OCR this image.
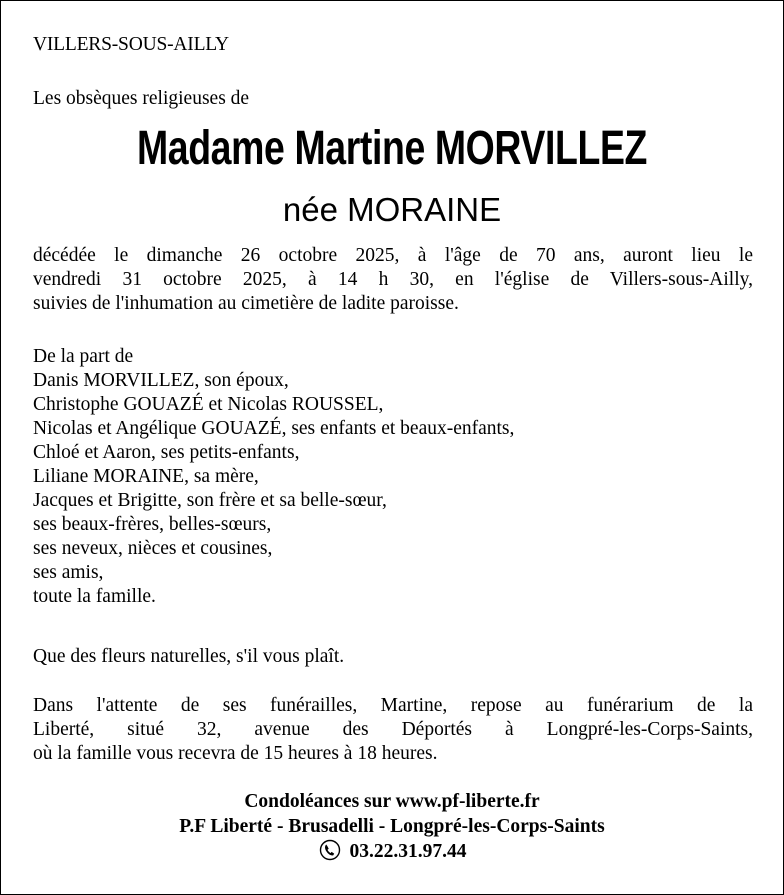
VILLERS-SOUS-AILLY
Les obsèques religieuses de
Madame Martine MORVILLEZ
née MORAINE
décédée le dimanche 26 octobre 2025, à l'âge de 70 ans, auront lieu le
vendredi 31 octobre 2025, à 14 h 30, en l'église de Villers-sous-Ailly,
suivies de l'inhumation au cimetière de ladite paroisse.
De la part de
Danis MORVILLEZ, son époux,
Christophe GOUAZÉ et Nicolas ROUSSEL,
Nicolas et Angélique GOUAZÉ, ses enfants et beaux-enfants,
Chloé et Aaron, ses petits-enfants,
Liliane MORAINE, sa mère,
Jacques et Brigitte, son frère et sa belle-sœur,
ses beaux-frères, belles-sœurs,
ses neveux, nièces et cousines,
ses amis,
toute la famille.
Que des fleurs naturelles, s'il vous plaît.
Dans l'attente de ses funérailles, Martine, repose au funérarium de la
Liberté, situé 32, avenue des Déportés à Longpré-les-Corps-Saints,
où la famille vous recevra de 15 heures à 18 heures.
Condoléances sur www.pf-liberte.fr
P.F Liberté - Brusadelli - Longpré-les-Corps-Saints
03.22.31.97.44
